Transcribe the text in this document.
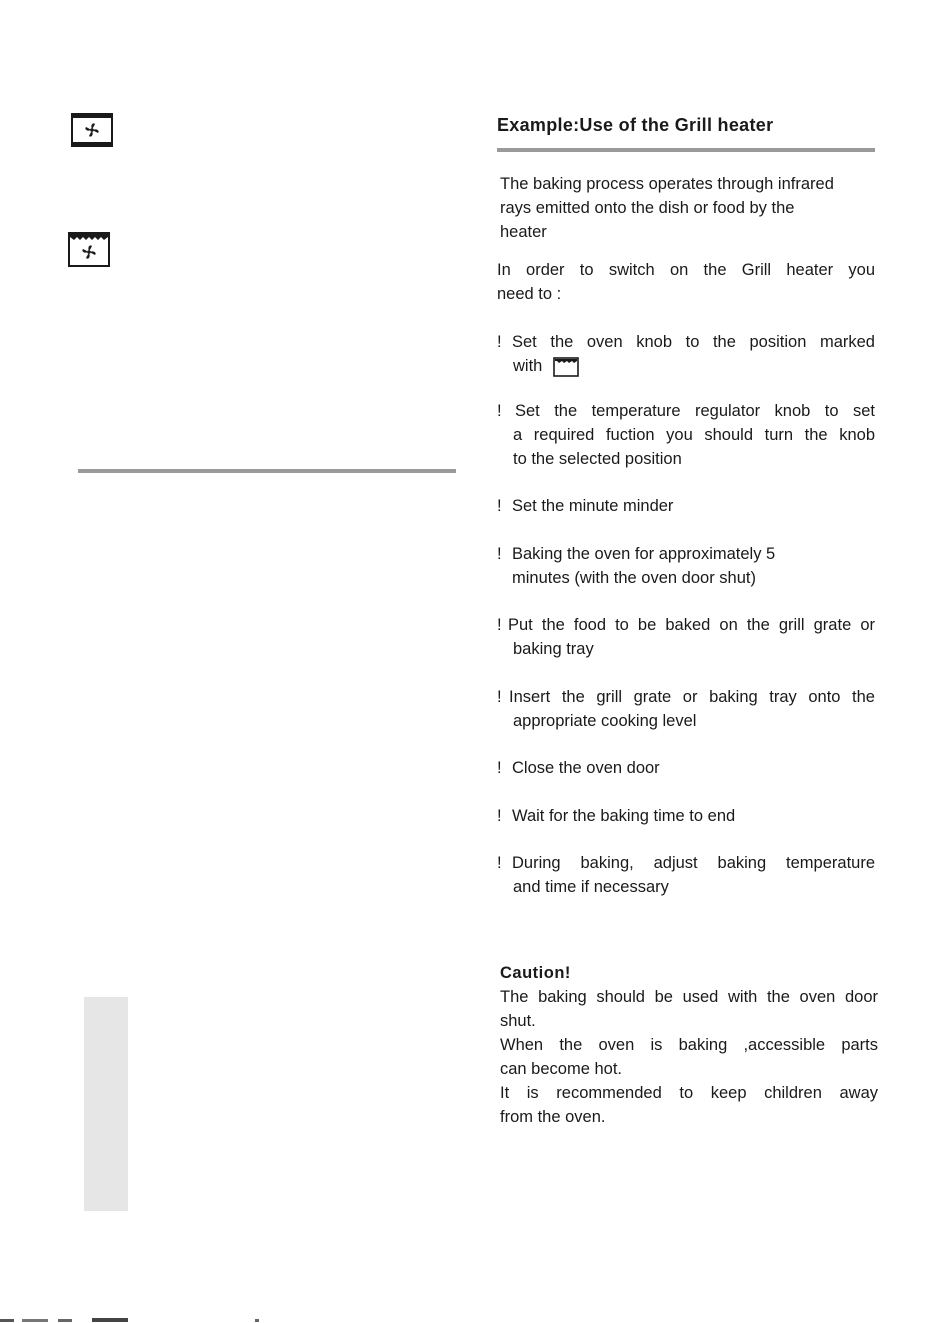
Example:Use of the Grill heater
The baking process operates through infrared
rays emitted onto the dish or food by the
heater
In order to switch on the Grill heater you
need to :
! Set the oven knob to the position marked
with
! Set the temperature regulator knob to set
a required fuction you should turn the knob
to the selected position
! Set the minute minder
! Baking the oven for approximately 5
minutes (with the oven door shut)
! Put the food to be baked on the grill grate or
baking tray
! Insert the grill grate or baking tray onto the
appropriate cooking level
! Close the oven door
! Wait for the baking time to end
! During baking, adjust baking temperature
and time if necessary
Caution!
The baking should be used with the oven door
shut.
When the oven is baking ,accessible parts
can become hot.
It is recommended to keep children away
from the oven.
